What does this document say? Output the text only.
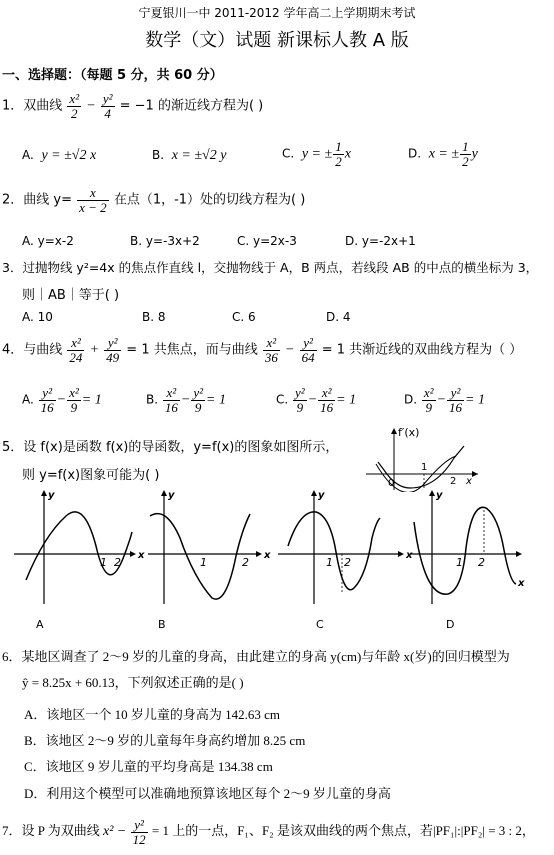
宁夏银川一中 2011-2012 学年高二上学期期末考试
数学（文）试题 新课标人教 A 版
一、选择题：（每题 5 分，共 60 分）
1．双曲线 $\frac{\text{x²}}{2} - \frac{\text{y²}}{4} = -1$ 的渐近线方程为( )
A. y = ±√2 x	B. x = ±√2 y	C. y = ± $\frac{1}{2}$ x	D. x = ± $\frac{1}{2}$ y
2．曲线 $y= \frac{x}{x - 2}$ 在点（1，-1）处的切线方程为( )
A. y=x-2	B. y=-3x+2	C. y=2x-3	D. y=-2x+1
3．过抛物线 y²=4x 的焦点作直线 l，交抛物线于 A，B 两点，若线段 AB 的中点的横坐标为 3，
则｜AB｜等于( )
A. 10	B. 8	C. 6	D. 4
4．与曲线 $\frac{\text{x²}}{24} + \frac{\text{y²}}{49} = 1$ 共焦点，而与曲线 $\frac{\text{x²}}{36} - \frac{\text{y²}}{64} = 1$ 共渐近线的双曲线方程为（ ）
A. $\frac{\text{y²}}{16} - \frac{\text{x²}}{9} = 1$	B. $\frac{\text{x²}}{16} - \frac{\text{y²}}{9} = 1$	C. $\frac{\text{y²}}{9} - \frac{\text{x²}}{16} = 1$	D. $\frac{\text{x²}}{9} - \frac{\text{y²}}{16} = 1$
5．设 f(x)是函数 f(x)的导函数，y=f(x)的图象如图所示，
则 y=f(x)图象可能为( )
f′(x)
0
1
2 x
y
1 2
x
A
y
1	2
x
B
y
1 2
x
C
y
1 2
x
D
6．某地区调查了 2～9 岁的儿童的身高，由此建立的身高 y(cm)与年龄 x(岁)的回归模型为
ŷ = 8.25x + 60.13，下列叙述正确的是( )
A．该地区一个 10 岁儿童的身高为 142.63 cm
B．该地区 2～9 岁的儿童每年身高约增加 8.25 cm
C．该地区 9 岁儿童的平均身高是 134.38 cm
D．利用这个模型可以准确地预算该地区每个 2～9 岁儿童的身高
7．设 P 为双曲线 $x^2 - \frac{\text{y²}}{12} = 1$ 上的一点，F₁、F₂ 是该双曲线的两个焦点，若|PF₁|:|PF₂| = 3 : 2，
